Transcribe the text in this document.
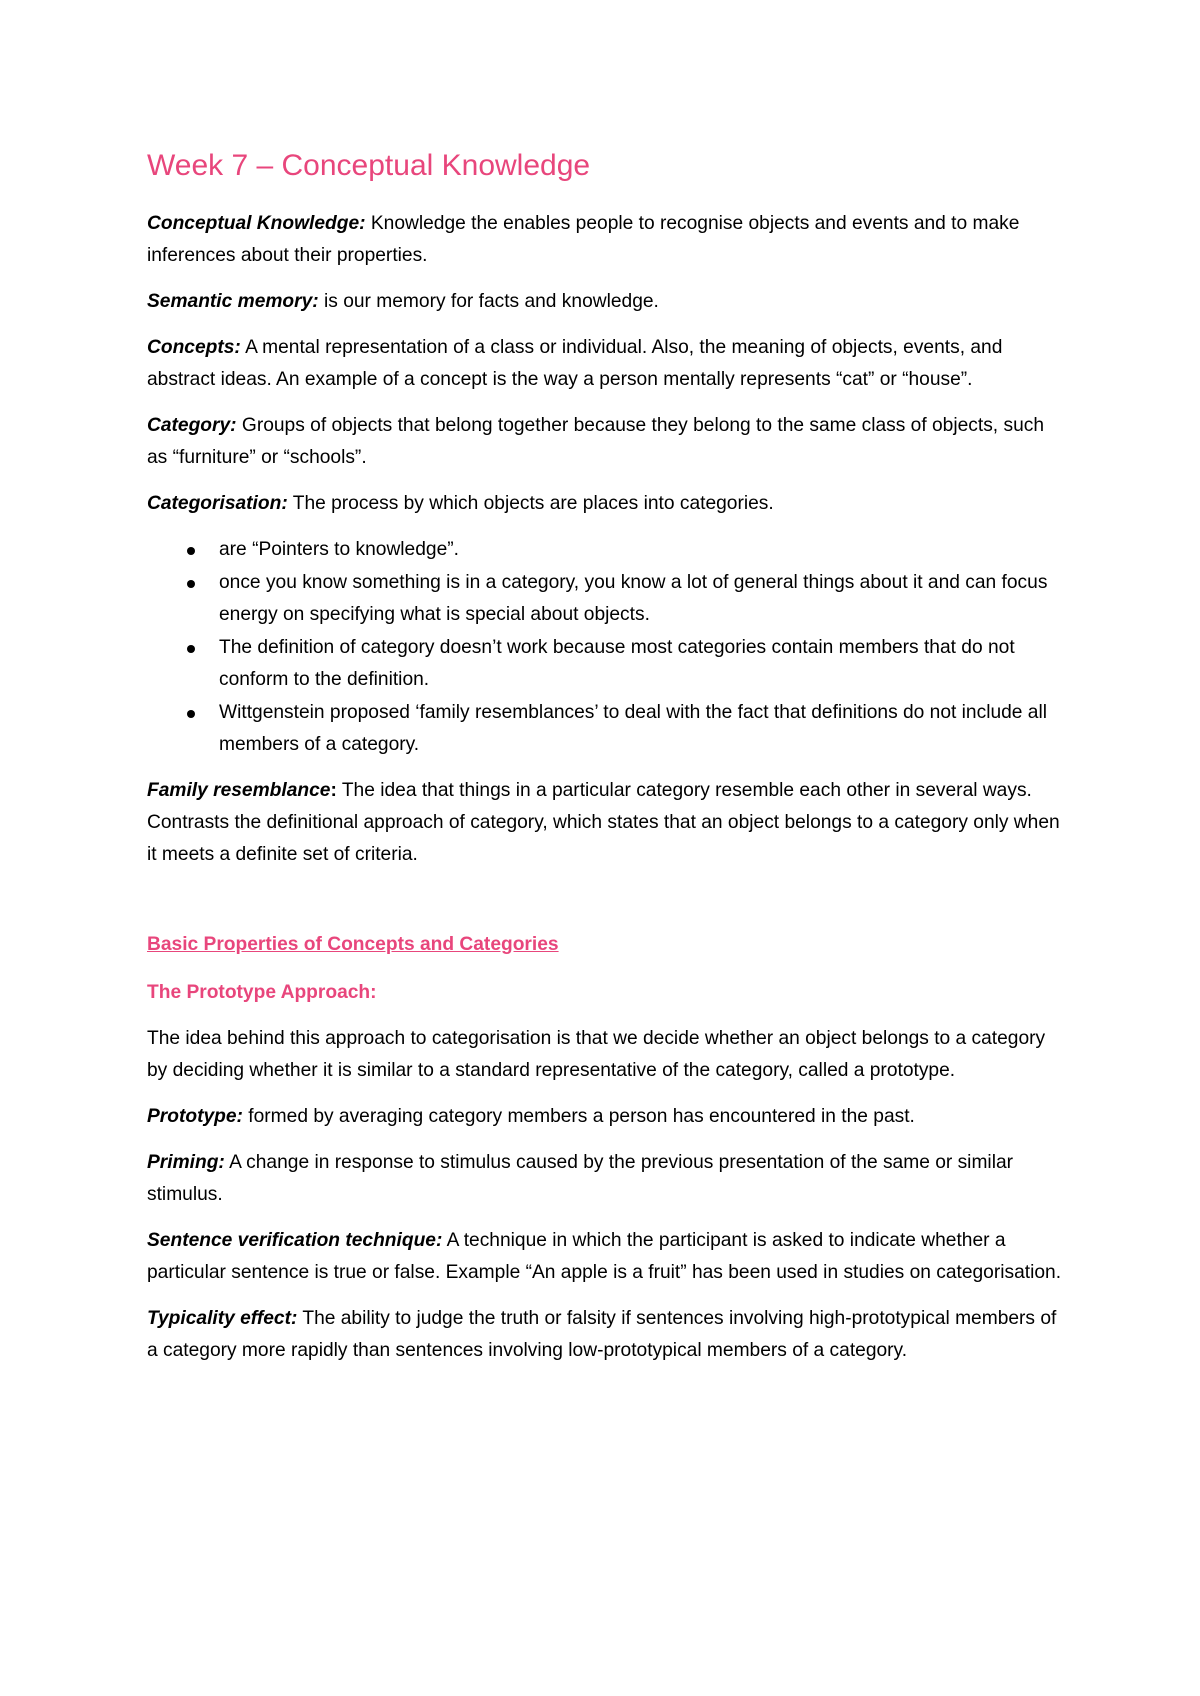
Week 7 – Conceptual Knowledge

Conceptual Knowledge: Knowledge the enables people to recognise objects and events and to make inferences about their properties.

Semantic memory: is our memory for facts and knowledge.

Concepts: A mental representation of a class or individual. Also, the meaning of objects, events, and abstract ideas. An example of a concept is the way a person mentally represents “cat” or “house”.

Category: Groups of objects that belong together because they belong to the same class of objects, such as “furniture” or “schools”.

Categorisation: The process by which objects are places into categories.

are “Pointers to knowledge”.
once you know something is in a category, you know a lot of general things about it and can focus energy on specifying what is special about objects.
The definition of category doesn’t work because most categories contain members that do not conform to the definition.
Wittgenstein proposed ‘family resemblances’ to deal with the fact that definitions do not include all members of a category.

Family resemblance: The idea that things in a particular category resemble each other in several ways. Contrasts the definitional approach of category, which states that an object belongs to a category only when it meets a definite set of criteria.

Basic Properties of Concepts and Categories
The Prototype Approach:

The idea behind this approach to categorisation is that we decide whether an object belongs to a category by deciding whether it is similar to a standard representative of the category, called a prototype.

Prototype: formed by averaging category members a person has encountered in the past.

Priming: A change in response to stimulus caused by the previous presentation of the same or similar stimulus.

Sentence verification technique: A technique in which the participant is asked to indicate whether a particular sentence is true or false. Example “An apple is a fruit” has been used in studies on categorisation.

Typicality effect: The ability to judge the truth or falsity if sentences involving high-prototypical members of a category more rapidly than sentences involving low-prototypical members of a category.
